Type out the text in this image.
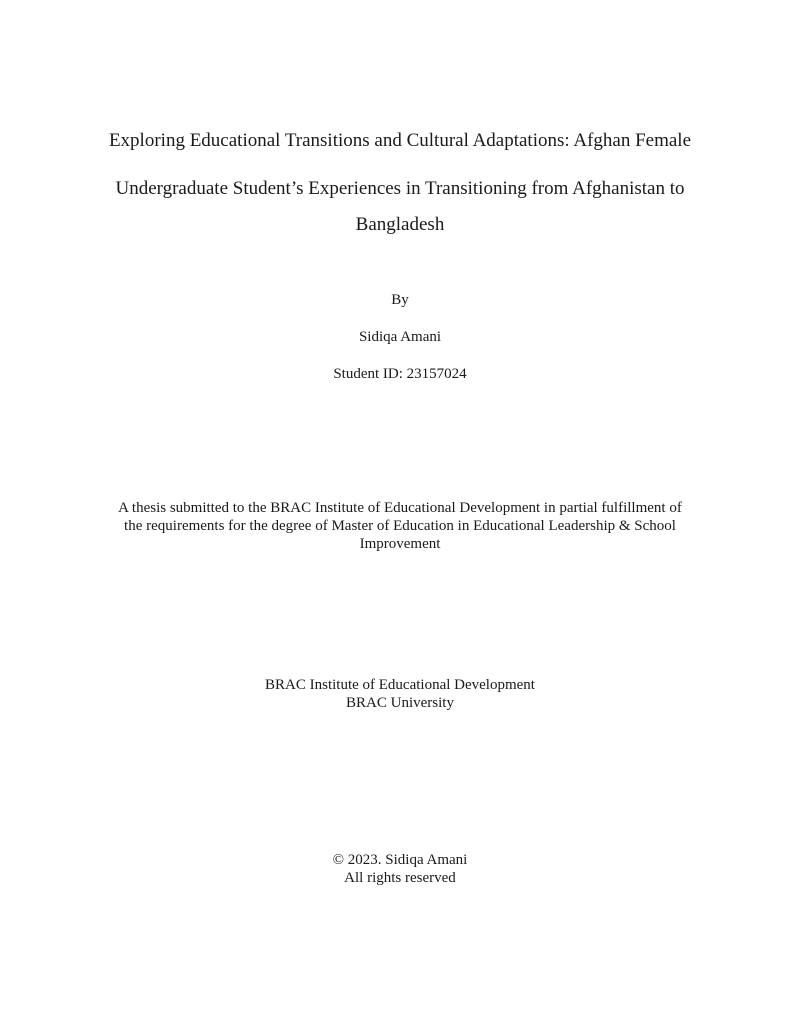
Exploring Educational Transitions and Cultural Adaptations: Afghan Female
Undergraduate Student’s Experiences in Transitioning from Afghanistan to
Bangladesh
By
Sidiqa Amani
Student ID: 23157024
A thesis submitted to the BRAC Institute of Educational Development in partial fulfillment of
the requirements for the degree of Master of Education in Educational Leadership & School
Improvement
BRAC Institute of Educational Development
BRAC University
© 2023. Sidiqa Amani
All rights reserved
